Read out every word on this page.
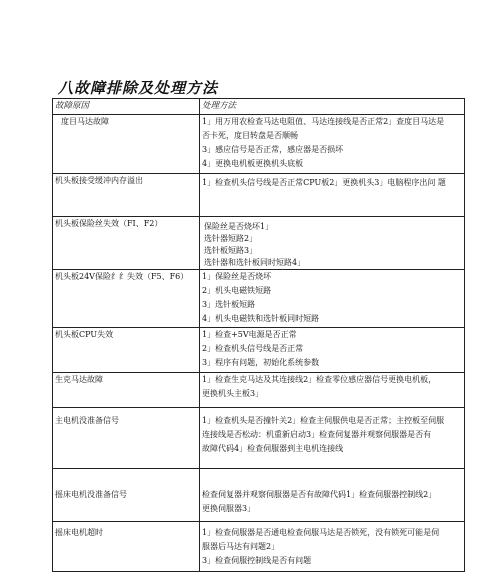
八故障排除及处理方法
故障原因	处理方法
度目马达故障	1」用万用农检查马达电阻值、马达连接线是否正常2」查度目马达是
否卡死，度目转盘是否顺畅
3」感应信号是否正常，感应器是否损坏
4」更换电机板更换机头底板

机头板接受缓冲内存溢出	1」检查机头信号线是否正常CPU板2」更换机头3」电脑程序出问 题

机头板保险丝失效（FI、F2）	保险丝是否烧坏1」
选针器短路2」
选针板短路3」
选针器和选针板同时短路4」

机头板24V保险纟纟失效（F5、F6）	1」保险丝是否烧坏
2」机头电磁铁短路
3」选针板短路
4」机头电磁铁和选针板同时短路

机头板CPU失效	1」检查+5V电源是否正常
2」检查机头信号线是否正常
3」程序有问题，初始化系统参数

生克马达故障	1」检查生克马达及其连接线2」检查零位感应器信号更换电机板，
更换机头主板3」

主电机没准备信号	1」检查机头是否撞针关2」检查主伺服供电是否正常；主控板至伺服
连接线是否松动：机重新启动3」检查伺复器并观察伺服器是否有
故障代码4」检查伺服器到主电机连接线

摇床电机没准备信号	检查伺复器并观察伺服器是否有故障代码1」检查伺服器控制线2」
更换伺服器3」

摇床电机超时	1」检查伺服器是否通电检查伺服马达是否锁死，没有锁死可能是伺
服器后马达有问题2」
3」检查伺服控制线是否有问题
